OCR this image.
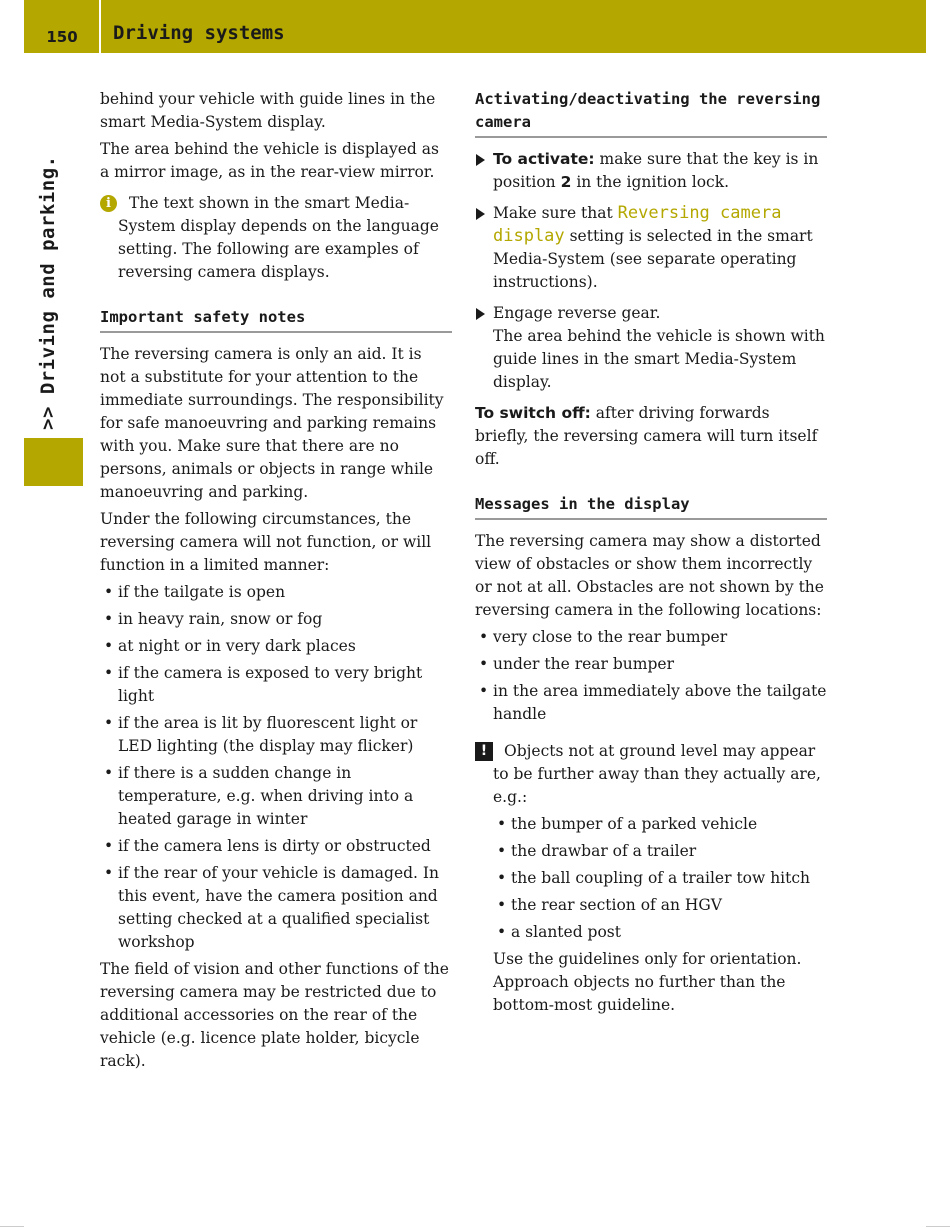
150	Driving systems
>> Driving and parking.

behind your vehicle with guide lines in the smart Media-System display.

The area behind the vehicle is displayed as a mirror image, as in the rear-view mirror.

i	The text shown in the smart Media-System display depends on the language setting. The following are examples of reversing camera displays.
Important safety notes

The reversing camera is only an aid. It is not a substitute for your attention to the immediate surroundings. The responsibility for safe manoeuvring and parking remains with you. Make sure that there are no persons, animals or objects in range while manoeuvring and parking.

Under the following circumstances, the reversing camera will not function, or will function in a limited manner:

• if the tailgate is open
• in heavy rain, snow or fog
• at night or in very dark places
• if the camera is exposed to very bright light
• if the area is lit by fluorescent light or LED lighting (the display may flicker)
• if there is a sudden change in temperature, e.g. when driving into a heated garage in winter
• if the camera lens is dirty or obstructed
• if the rear of your vehicle is damaged. In this event, have the camera position and setting checked at a qualified specialist workshop

The field of vision and other functions of the reversing camera may be restricted due to additional accessories on the rear of the vehicle (e.g. licence plate holder, bicycle rack).

Activating/deactivating the reversing camera
To activate: make sure that the key is in position 2 in the ignition lock.
Make sure that Reversing camera display setting is selected in the smart Media-System (see separate operating instructions).
Engage reverse gear.
The area behind the vehicle is shown with guide lines in the smart Media-System display.

To switch off: after driving forwards briefly, the reversing camera will turn itself off.

Messages in the display

The reversing camera may show a distorted view of obstacles or show them incorrectly or not at all. Obstacles are not shown by the reversing camera in the following locations:

• very close to the rear bumper
• under the rear bumper
• in the area immediately above the tailgate handle
!	Objects not at ground level may appear to be further away than they actually are, e.g.:
• the bumper of a parked vehicle
• the drawbar of a trailer
• the ball coupling of a trailer tow hitch
• the rear section of an HGV
• a slanted post

Use the guidelines only for orientation. Approach objects no further than the bottom-most guideline.
